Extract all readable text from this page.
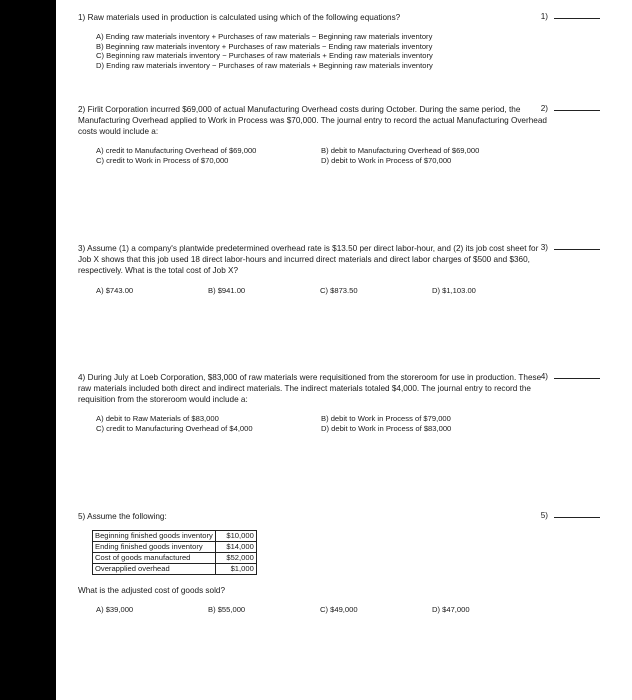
1) Raw materials used in production is calculated using which of the following equations?
A) Ending raw materials inventory + Purchases of raw materials − Beginning raw materials inventory
B) Beginning raw materials inventory + Purchases of raw materials − Ending raw materials inventory
C) Beginning raw materials inventory − Purchases of raw materials + Ending raw materials inventory
D) Ending raw materials inventory − Purchases of raw materials + Beginning raw materials inventory
1)
2) Firlit Corporation incurred $69,000 of actual Manufacturing Overhead costs during October. During the same period, the Manufacturing Overhead applied to Work in Process was $70,000. The journal entry to record the actual Manufacturing Overhead costs would include a:
A) credit to Manufacturing Overhead of $69,000	B) debit to Manufacturing Overhead of $69,000
C) credit to Work in Process of $70,000	D) debit to Work in Process of $70,000
2)
3) Assume (1) a company's plantwide predetermined overhead rate is $13.50 per direct labor-hour, and (2) its job cost sheet for Job X shows that this job used 18 direct labor-hours and incurred direct materials and direct labor charges of $500 and $360, respectively. What is the total cost of Job X?
A) $743.00	B) $941.00	C) $873.50	D) $1,103.00
3)
4) During July at Loeb Corporation, $83,000 of raw materials were requisitioned from the storeroom for use in production. These raw materials included both direct and indirect materials. The indirect materials totaled $4,000. The journal entry to record the requisition from the storeroom would include a:
A) debit to Raw Materials of $83,000	B) debit to Work in Process of $79,000
C) credit to Manufacturing Overhead of $4,000	D) debit to Work in Process of $83,000
4)
5) Assume the following:
Beginning finished goods inventory	$10,000
Ending finished goods inventory	$14,000
Cost of goods manufactured	$52,000
Overapplied overhead	$1,000
What is the adjusted cost of goods sold?
A) $39,000	B) $55,000	C) $49,000	D) $47,000
5)
